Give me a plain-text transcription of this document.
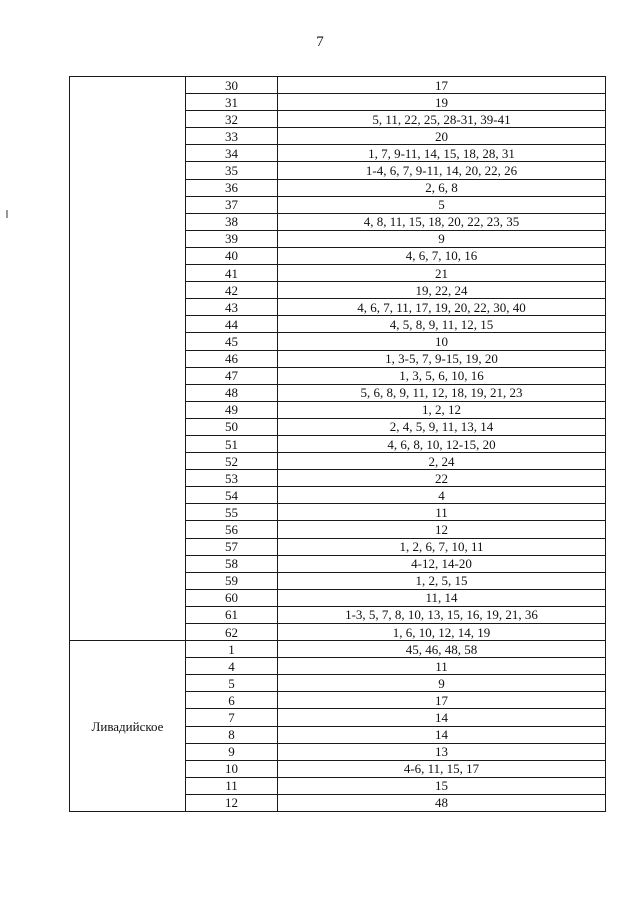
7
	30	17
	31	19
	32	5, 11, 22, 25, 28-31, 39-41
	33	20
	34	1, 7, 9-11, 14, 15, 18, 28, 31
	35	1-4, 6, 7, 9-11, 14, 20, 22, 26
	36	2, 6, 8
	37	5
	38	4, 8, 11, 15, 18, 20, 22, 23, 35
	39	9
	40	4, 6, 7, 10, 16
	41	21
	42	19, 22, 24
	43	4, 6, 7, 11, 17, 19, 20, 22, 30, 40
	44	4, 5, 8, 9, 11, 12, 15
	45	10
	46	1, 3-5, 7, 9-15, 19, 20
	47	1, 3, 5, 6, 10, 16
	48	5, 6, 8, 9, 11, 12, 18, 19, 21, 23
	49	1, 2, 12
	50	2, 4, 5, 9, 11, 13, 14
	51	4, 6, 8, 10, 12-15, 20
	52	2, 24
	53	22
	54	4
	55	11
	56	12
	57	1, 2, 6, 7, 10, 11
	58	4-12, 14-20
	59	1, 2, 5, 15
	60	11, 14
	61	1-3, 5, 7, 8, 10, 13, 15, 16, 19, 21, 36
	62	1, 6, 10, 12, 14, 19
Ливадийское	1	45, 46, 48, 58
	4	11
	5	9
	6	17
	7	14
	8	14
	9	13
	10	4-6, 11, 15, 17
	11	15
	12	48
